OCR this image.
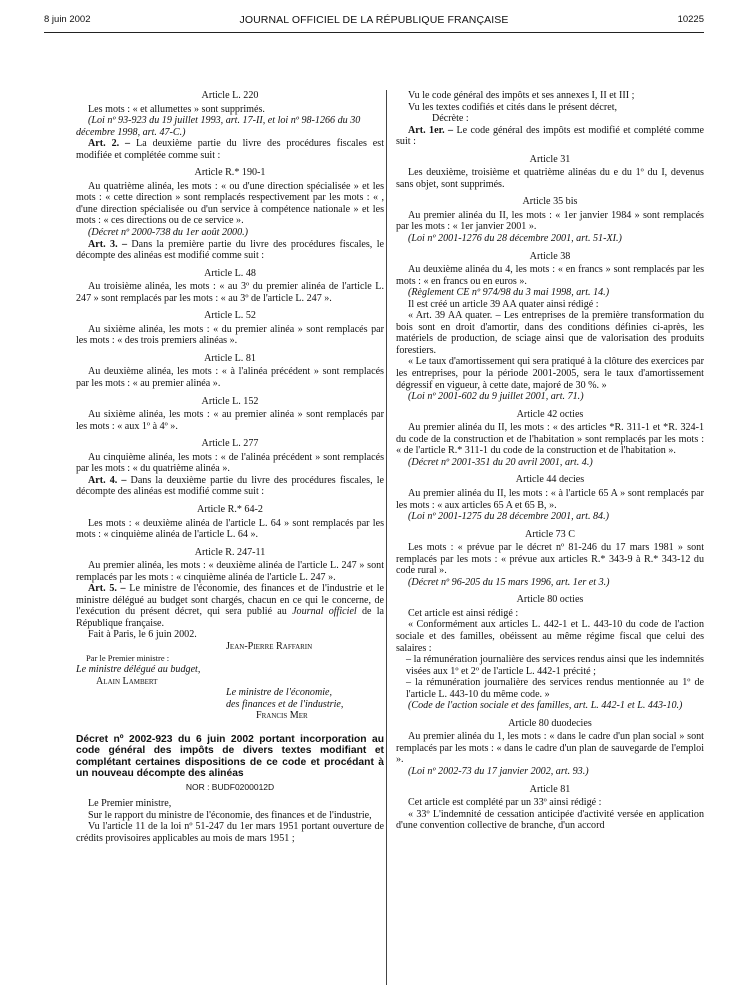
8 juin 2002	JOURNAL OFFICIEL DE LA RÉPUBLIQUE FRANÇAISE	10225
Article L. 220

Les mots : « et allumettes » sont supprimés.

(Loi nº 93-923 du 19 juillet 1993, art. 17-II, et loi nº 98-1266 du 30 décembre 1998, art. 47-C.)

Art. 2. – La deuxième partie du livre des procédures fiscales est modifiée et complétée comme suit :

Article R.* 190-1

Au quatrième alinéa, les mots : « ou d'une direction spécialisée » et les mots : « cette direction » sont remplacés respectivement par les mots : « , d'une direction spécialisée ou d'un service à compétence nationale » et les mots : « ces directions ou de ce service ».

(Décret nº 2000-738 du 1er août 2000.)

Art. 3. – Dans la première partie du livre des procédures fiscales, le décompte des alinéas est modifié comme suit :

Article L. 48

Au troisième alinéa, les mots : « au 3º du premier alinéa de l'article L. 247 » sont remplacés par les mots : « au 3º de l'article L. 247 ».

Article L. 52

Au sixième alinéa, les mots : « du premier alinéa » sont remplacés par les mots : « des trois premiers alinéas ».

Article L. 81

Au deuxième alinéa, les mots : « à l'alinéa précédent » sont remplacés par les mots : « au premier alinéa ».

Article L. 152

Au sixième alinéa, les mots : « au premier alinéa » sont remplacés par les mots : « aux 1º à 4º ».

Article L. 277

Au cinquième alinéa, les mots : « de l'alinéa précédent » sont remplacés par les mots : « du quatrième alinéa ».

Art. 4. – Dans la deuxième partie du livre des procédures fiscales, le décompte des alinéas est modifié comme suit :

Article R.* 64-2

Les mots : « deuxième alinéa de l'article L. 64 » sont remplacés par les mots : « cinquième alinéa de l'article L. 64 ».

Article R. 247-11

Au premier alinéa, les mots : « deuxième alinéa de l'article L. 247 » sont remplacés par les mots : « cinquième alinéa de l'article L. 247 ».

Art. 5. – Le ministre de l'économie, des finances et de l'industrie et le ministre délégué au budget sont chargés, chacun en ce qui le concerne, de l'exécution du présent décret, qui sera publié au Journal officiel de la République française.

Fait à Paris, le 6 juin 2002.

Jean-Pierre Raffarin
Par le Premier ministre :
Le ministre délégué au budget,
Alain Lambert
Le ministre de l'économie,
des finances et de l'industrie,
Francis Mer
Décret nº 2002-923 du 6 juin 2002 portant incorporation au code général des impôts de divers textes modifiant et complétant certaines dispositions de ce code et procédant à un nouveau décompte des alinéas
NOR : BUDF0200012D

Le Premier ministre,

Sur le rapport du ministre de l'économie, des finances et de l'industrie,

Vu l'article 11 de la loi nº 51-247 du 1er mars 1951 portant ouverture de crédits provisoires applicables au mois de mars 1951 ;

Vu le code général des impôts et ses annexes I, II et III ;

Vu les textes codifiés et cités dans le présent décret,

Décrète :

Art. 1er. – Le code général des impôts est modifié et complété comme suit :

Article 31

Les deuxième, troisième et quatrième alinéas du e du 1º du I, devenus sans objet, sont supprimés.

Article 35 bis

Au premier alinéa du II, les mots : « 1er janvier 1984 » sont remplacés par les mots : « 1er janvier 2001 ».

(Loi nº 2001-1276 du 28 décembre 2001, art. 51-XI.)

Article 38

Au deuxième alinéa du 4, les mots : « en francs » sont remplacés par les mots : « en francs ou en euros ».

(Règlement CE nº 974/98 du 3 mai 1998, art. 14.)

Il est créé un article 39 AA quater ainsi rédigé :

« Art. 39 AA quater. – Les entreprises de la première transformation du bois sont en droit d'amortir, dans des conditions définies ci-après, les matériels de production, de sciage ainsi que de valorisation des produits forestiers.

« Le taux d'amortissement qui sera pratiqué à la clôture des exercices par les entreprises, pour la période 2001-2005, sera le taux d'amortissement dégressif en vigueur, à cette date, majoré de 30 %. »

(Loi nº 2001-602 du 9 juillet 2001, art. 71.)

Article 42 octies

Au premier alinéa du II, les mots : « des articles *R. 311-1 et *R. 324-1 du code de la construction et de l'habitation » sont remplacés par les mots : « de l'article R.* 311-1 du code de la construction et de l'habitation ».

(Décret nº 2001-351 du 20 avril 2001, art. 4.)

Article 44 decies

Au premier alinéa du II, les mots : « à l'article 65 A » sont remplacés par les mots : « aux articles 65 A et 65 B, ».

(Loi nº 2001-1275 du 28 décembre 2001, art. 84.)

Article 73 C

Les mots : « prévue par le décret nº 81-246 du 17 mars 1981 » sont remplacés par les mots : « prévue aux articles R.* 343-9 à R.* 343-12 du code rural ».

(Décret nº 96-205 du 15 mars 1996, art. 1er et 3.)

Article 80 octies

Cet article est ainsi rédigé :

« Conformément aux articles L. 442-1 et L. 443-10 du code de l'action sociale et des familles, obéissent au même régime fiscal que celui des salaires :

– la rémunération journalière des services rendus ainsi que les indemnités visées aux 1º et 2º de l'article L. 442-1 précité ;

– la rémunération journalière des services rendus mentionnée au 1º de l'article L. 443-10 du même code. »

(Code de l'action sociale et des familles, art. L. 442-1 et L. 443-10.)

Article 80 duodecies

Au premier alinéa du 1, les mots : « dans le cadre d'un plan social » sont remplacés par les mots : « dans le cadre d'un plan de sauvegarde de l'emploi ».

(Loi nº 2002-73 du 17 janvier 2002, art. 93.)

Article 81

Cet article est complété par un 33º ainsi rédigé :

« 33º L'indemnité de cessation anticipée d'activité versée en application d'une convention collective de branche, d'un accord
